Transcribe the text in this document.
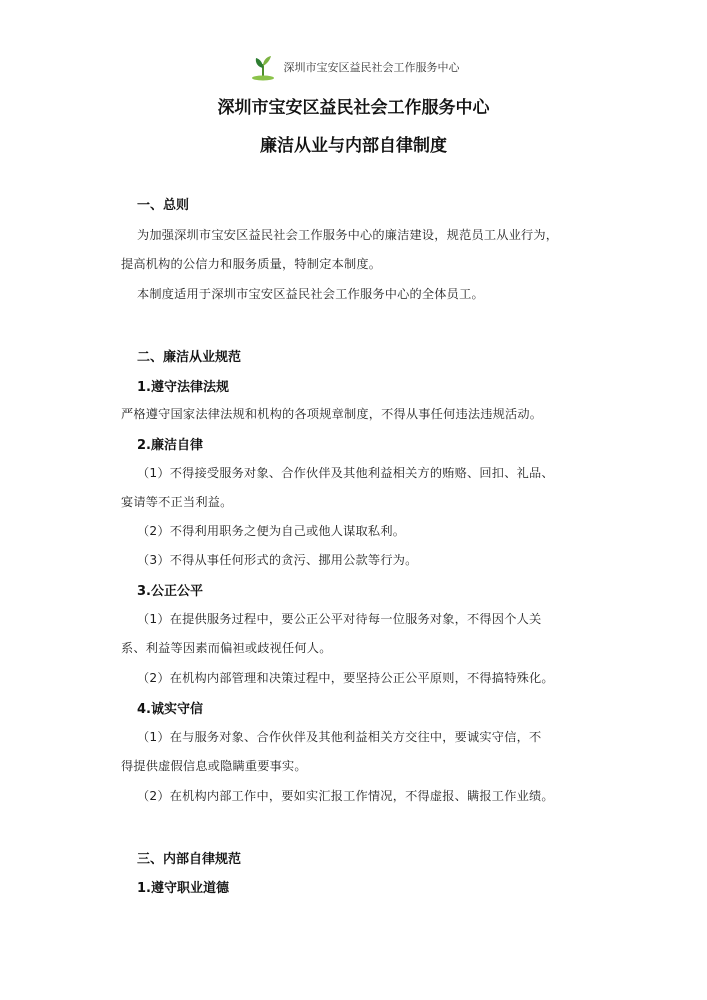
深圳市宝安区益民社会工作服务中心
深圳市宝安区益民社会工作服务中心
廉洁从业与内部自律制度
一、总则

为加强深圳市宝安区益民社会工作服务中心的廉洁建设，规范员工从业行为，

提高机构的公信力和服务质量，特制定本制度。

本制度适用于深圳市宝安区益民社会工作服务中心的全体员工。

二、廉洁从业规范
1.遵守法律法规

严格遵守国家法律法规和机构的各项规章制度，不得从事任何违法违规活动。

2.廉洁自律

（1）不得接受服务对象、合作伙伴及其他利益相关方的贿赂、回扣、礼品、

宴请等不正当利益。

（2）不得利用职务之便为自己或他人谋取私利。

（3）不得从事任何形式的贪污、挪用公款等行为。

3.公正公平

（1）在提供服务过程中，要公正公平对待每一位服务对象，不得因个人关

系、利益等因素而偏袒或歧视任何人。

（2）在机构内部管理和决策过程中，要坚持公正公平原则，不得搞特殊化。

4.诚实守信

（1）在与服务对象、合作伙伴及其他利益相关方交往中，要诚实守信，不

得提供虚假信息或隐瞒重要事实。

（2）在机构内部工作中，要如实汇报工作情况，不得虚报、瞒报工作业绩。

三、内部自律规范
1.遵守职业道德
